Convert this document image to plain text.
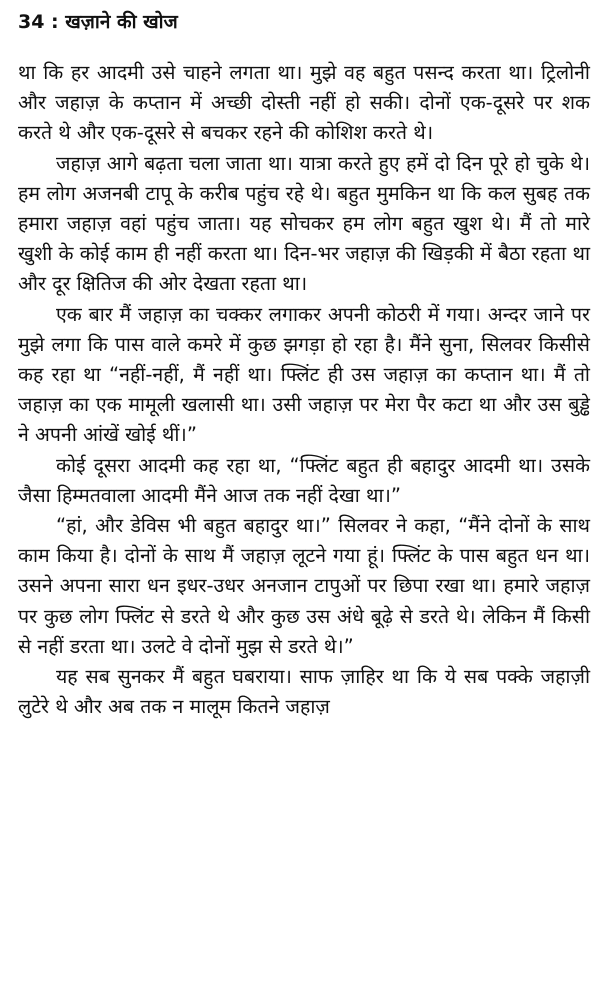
34 : खज़ाने की खोज

था कि हर आदमी उसे चाहने लगता था। मुझे वह बहुत पसन्द करता था। ट्रिलोनी और जहाज़ के कप्तान में अच्छी दोस्ती नहीं हो सकी। दोनों एक-दूसरे पर शक करते थे और एक-दूसरे से बचकर रहने की कोशिश करते थे।

जहाज़ आगे बढ़ता चला जाता था। यात्रा करते हुए हमें दो दिन पूरे हो चुके थे। हम लोग अजनबी टापू के करीब पहुंच रहे थे। बहुत मुमकिन था कि कल सुबह तक हमारा जहाज़ वहां पहुंच जाता। यह सोचकर हम लोग बहुत खुश थे। मैं तो मारे खुशी के कोई काम ही नहीं करता था। दिन-भर जहाज़ की खिड़की में बैठा रहता था और दूर क्षितिज की ओर देखता रहता था।

एक बार मैं जहाज़ का चक्कर लगाकर अपनी कोठरी में गया। अन्दर जाने पर मुझे लगा कि पास वाले कमरे में कुछ झगड़ा हो रहा है। मैंने सुना, सिलवर किसीसे कह रहा था “नहीं-नहीं, मैं नहीं था। फ्लिंट ही उस जहाज़ का कप्तान था। मैं तो जहाज़ का एक मामूली खलासी था। उसी जहाज़ पर मेरा पैर कटा था और उस बुड्ढे ने अपनी आंखें खोई थीं।”

कोई दूसरा आदमी कह रहा था, “फ्लिंट बहुत ही बहादुर आदमी था। उसके जैसा हिम्मतवाला आदमी मैंने आज तक नहीं देखा था।”

“हां, और डेविस भी बहुत बहादुर था।” सिलवर ने कहा, “मैंने दोनों के साथ काम किया है। दोनों के साथ मैं जहाज़ लूटने गया हूं। फ्लिंट के पास बहुत धन था। उसने अपना सारा धन इधर-उधर अनजान टापुओं पर छिपा रखा था। हमारे जहाज़ पर कुछ लोग फ्लिंट से डरते थे और कुछ उस अंधे बूढ़े से डरते थे। लेकिन मैं किसी से नहीं डरता था। उलटे वे दोनों मुझ से डरते थे।”

यह सब सुनकर मैं बहुत घबराया। साफ ज़ाहिर था कि ये सब पक्के जहाज़ी लुटेरे थे और अब तक न मालूम कितने जहाज़
